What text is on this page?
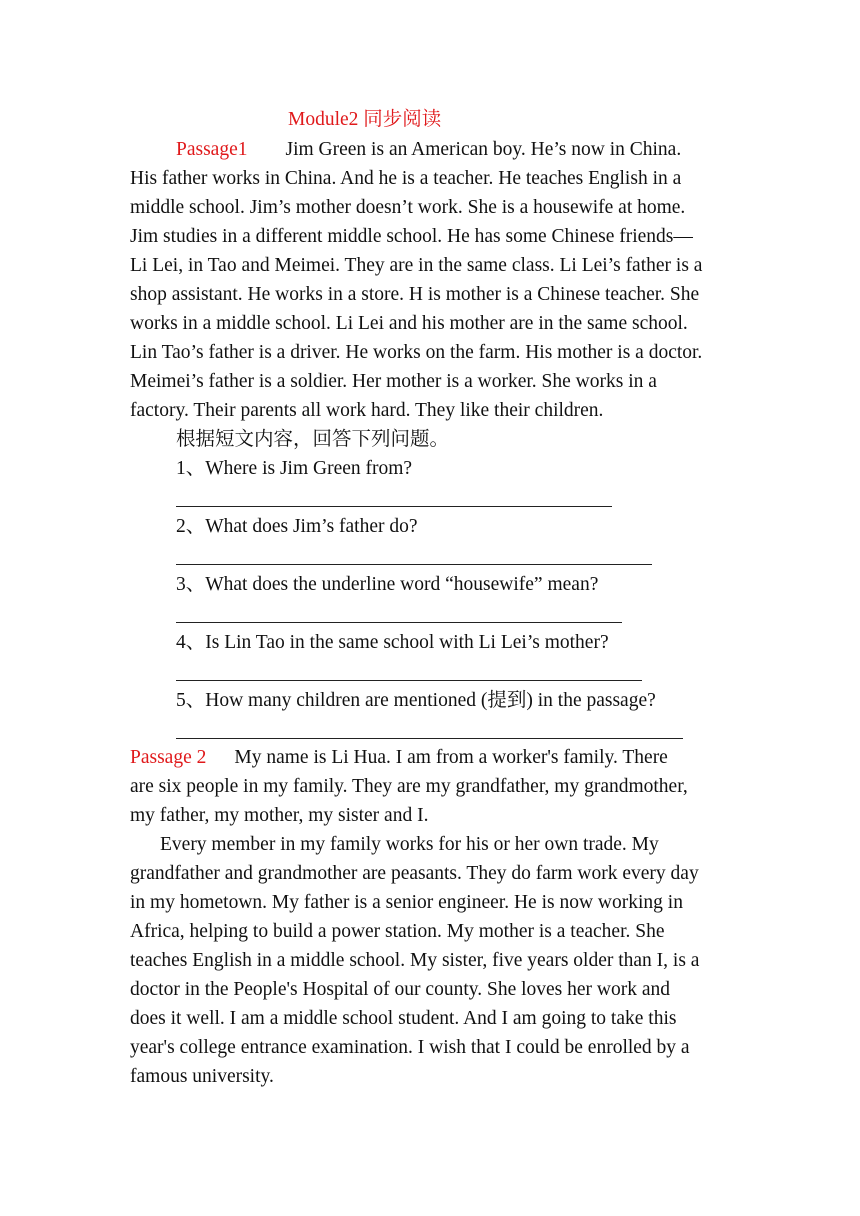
Module2 同步阅读
Passage1 Jim Green is an American boy. He’s now in China.
His father works in China. And he is a teacher. He teaches English in a
middle school. Jim’s mother doesn’t work. She is a housewife at home.
Jim studies in a different middle school. He has some Chinese friends—
Li Lei, in Tao and Meimei. They are in the same class. Li Lei’s father is a
shop assistant. He works in a store. H is mother is a Chinese teacher. She
works in a middle school. Li Lei and his mother are in the same school.
Lin Tao’s father is a driver. He works on the farm. His mother is a doctor.
Meimei’s father is a soldier. Her mother is a worker. She works in a
factory. Their parents all work hard. They like their children.
根据短文内容，回答下列问题。
1、Where is Jim Green from?
2、What does Jim’s father do?
3、What does the underline word “housewife” mean?
4、Is Lin Tao in the same school with Li Lei’s mother?
5、How many children are mentioned (提到) in the passage?
Passage 2 My name is Li Hua. I am from a worker's family. There
are six people in my family. They are my grandfather, my grandmother,
my father, my mother, my sister and I.
Every member in my family works for his or her own trade. My
grandfather and grandmother are peasants. They do farm work every day
in my hometown. My father is a senior engineer. He is now working in
Africa, helping to build a power station. My mother is a teacher. She
teaches English in a middle school. My sister, five years older than I, is a
doctor in the People's Hospital of our county. She loves her work and
does it well. I am a middle school student. And I am going to take this
year's college entrance examination. I wish that I could be enrolled by a
famous university.
